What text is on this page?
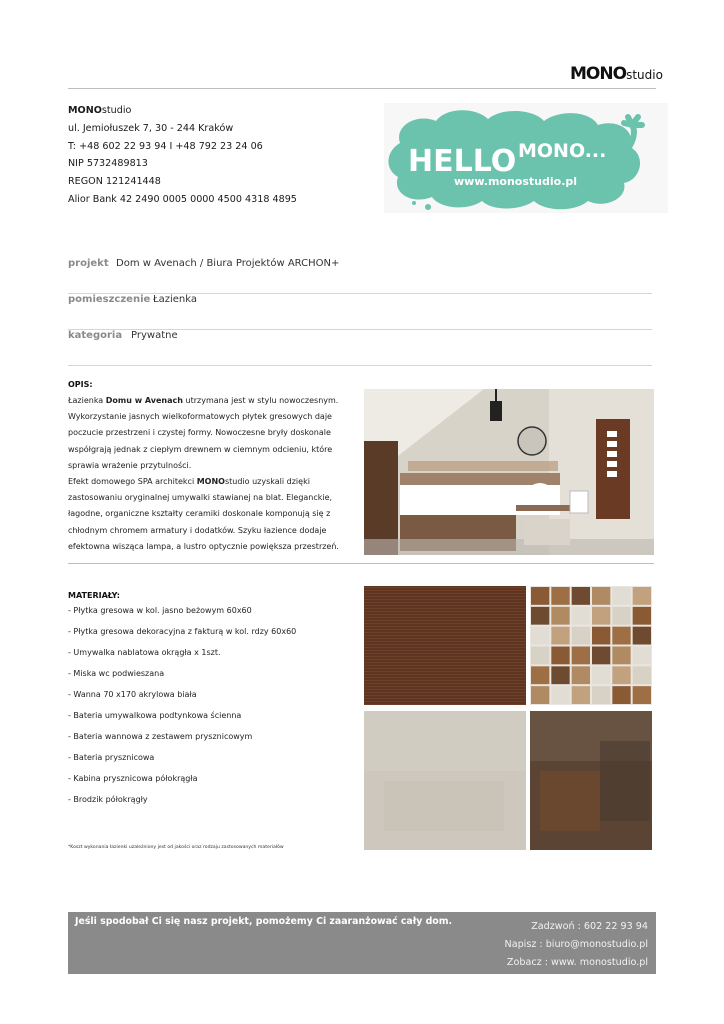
MONOstudio
MONOstudio
ul. Jemiołuszek 7, 30 - 244 Kraków
T: +48 602 22 93 94 I +48 792 23 24 06
NIP 5732489813
REGON 121241448
Alior Bank 42 2490 0005 0000 4500 4318 4895
HELLO MONO...
www.monostudio.pl
projekt Dom w Avenach / Biura Projektów ARCHON+
pomieszczenie Łazienka
kategoria Prywatne
OPIS:

Łazienka Domu w Avenach utrzymana jest w stylu nowoczesnym. Wykorzystanie jasnych wielkoformatowych płytek gresowych daje poczucie przestrzeni i czystej formy. Nowoczesne bryły doskonale współgrają jednak z ciepłym drewnem w ciemnym odcieniu, które sprawia wrażenie przytulności.

Efekt domowego SPA architekci MONOstudio uzyskali dzięki zastosowaniu oryginalnej umywalki stawianej na blat. Eleganckie, łagodne, organiczne kształty ceramiki doskonale komponują się z chłodnym chromem armatury i dodatków. Szyku łazience dodaje efektowna wisząca lampa, a lustro optycznie powiększa przestrzeń.

MATERIAŁY:
- Płytka gresowa w kol. jasno beżowym 60x60
- Płytka gresowa dekoracyjna z fakturą w kol. rdzy 60x60
- Umywalka nablatowa okrągła x 1szt.
- Miska wc podwieszana
- Wanna 70 x170 akrylowa biała
- Bateria umywalkowa podtynkowa ścienna
- Bateria wannowa z zestawem prysznicowym
- Bateria prysznicowa
- Kabina prysznicowa półokrągła
- Brodzik półokrągły
*Koszt wykonania łazienki uzależniony jest od jakości oraz rodzaju zastosowanych materiałów
Jeśli spodobał Ci się nasz projekt, pomożemy Ci zaaranżować cały dom.	Zadzwoń : 602 22 93 94
Napisz : biuro@monostudio.pl
Zobacz : www. monostudio.pl
